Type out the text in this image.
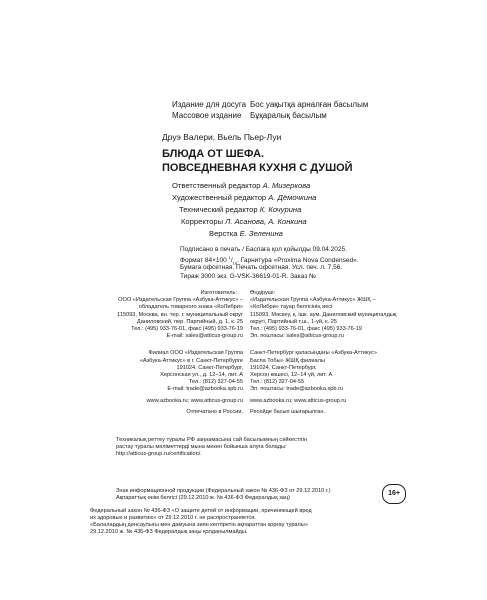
Издание для досуга
Массовое издание
Бос уақытқа арналған басылым
Бұқаралық басылым
Друэ Валери, Вьель Пьер-Луи
БЛЮДА ОТ ШЕФА.
ПОВСЕДНЕВНАЯ КУХНЯ С ДУШОЙ
Ответственный редактор А. Мизеркова
Художественный редактор А. Дёмочкина
Технический редактор К. Кочурина
Корректоры Л. Асанова, А. Конкина
Верстка Е. Зеленина
Подписано в печать / Баспаға қол қойылды 09.04.2025.
Формат 84×100 $^1/_{16}$. Гарнитура «Proxima Nova Condensed».
Бумага офсетная. Печать офсетная. Усл. печ. л. 7,56.
Тираж 3000 экз. G-VSK-36619-01-R. Заказ №
Изготовитель:
ООО «Издательская Группа «Азбука-Аттикус» –
обладатель товарного знака «КоЛибри»
115093, Москва, вн. тер. г. муниципальный округ
Даниловский, пер. Партийный, д. 1, к. 25
Тел.: (495) 933-76-01, факс (495) 933-76-19
E-mail: sales@atticus-group.ru
Филиал ООО «Издательская Группа
«Азбука-Аттикус» в г. Санкт-Петербурге
191024, Санкт-Петербург,
Херсонская ул., д. 12–14, лит. А
Тел.: (812) 327-04-55
E-mail: trade@azbooka.spb.ru
www.azbooka.ru; www.atticus-group.ru
Отпечатано в России.
Өндіруші:
«Издательская Группа «Азбука-Аттикус» ЖШҚ –
«КоЛибри» тауар белгісінің иесі
115093, Мәскеу, қ. ішк. аум. Даниловский муниципалдық
округі, Партийный т.ш., 1-үй, к. 25
Тел.: (495) 933-76-01, факс (495) 933-76-19
Эл. поштасы: sales@atticus-group.ru
Санкт-Петербург қаласындағы «Азбука-Аттикус»
Баспа Тобы» ЖШҚ филиалы
191024, Санкт-Петербург,
Херсон көшесі, 12–14 үй, лит. А
Тел.: (812) 327-04-55
Эл. поштасы: trade@azbooka.spb.ru
www.azbooka.ru; www.atticus-group.ru
Ресейде басып шығарылған.
Техникалық реттеу туралы РФ заңнамасына сай басылымның сәйкестігін
растау туралы мәліметтерді мына мекен бойынша алуға болады:
http://atticus-group.ru/certification/.
Знак информационной продукции (Федеральный закон № 436-ФЗ от 29.12.2010 г.)
Ақпараттық өнім белгісі (29.12.2010 ж. № 436-ФЗ Федералдық заң)
16+
Федеральный закон № 436-ФЗ «О защите детей от информации, причиняющей вред
их здоровью и развитию» от 29.12.2010 г. не распространяется.
«Балалардың денсаулығы мен дамуына зиян келтіретін ақпараттан қорғау туралы»
29.12.2010 ж. № 436-ФЗ Федералдық заңы қолданылмайды.
